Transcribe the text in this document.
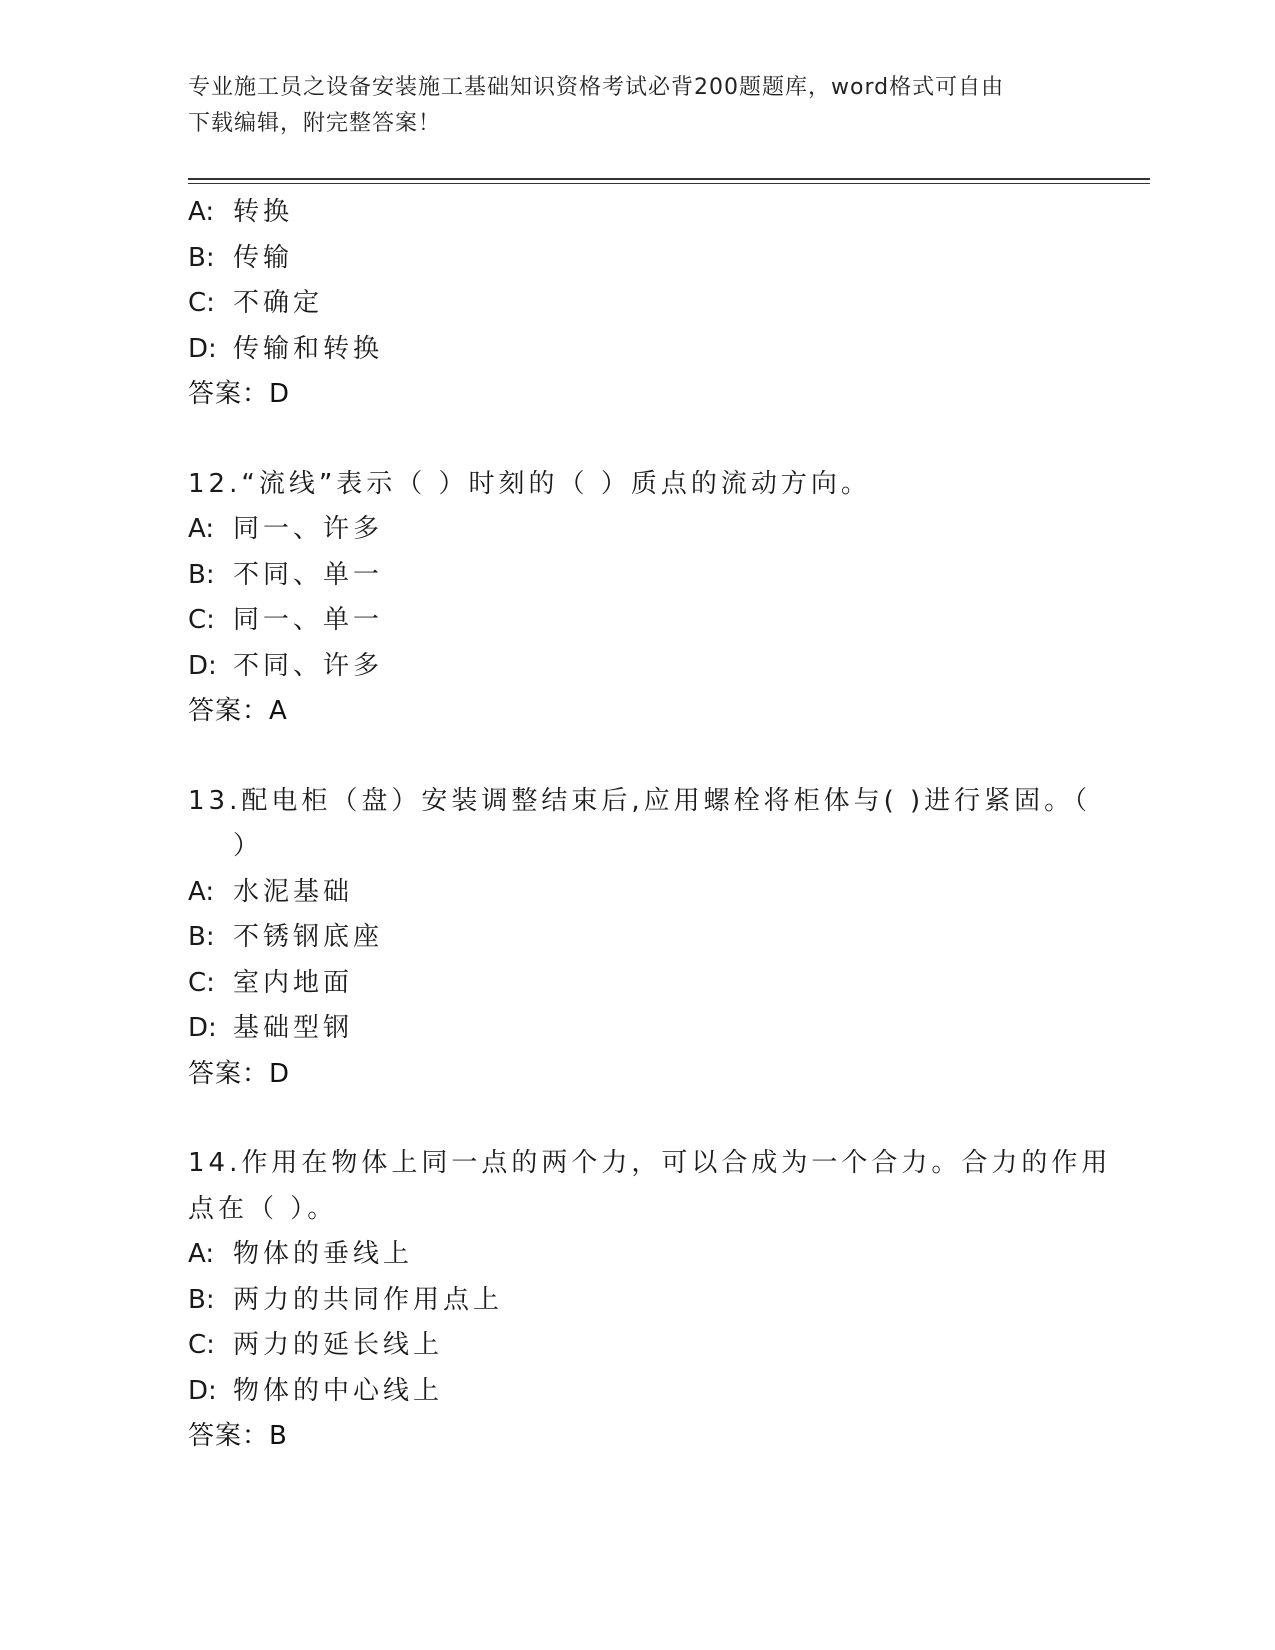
专业施工员之设备安装施工基础知识资格考试必背200题题库，word格式可自由
下载编辑，附完整答案！
A: 转换
B: 传输
C: 不确定
D: 传输和转换
答案：D
12.“流线”表示（ ）时刻的（ ）质点的流动方向。
A: 同一、许多
B: 不同、单一
C: 同一、单一
D: 不同、许多
答案：A
13.配电柜（盘）安装调整结束后,应用螺栓将柜体与( )进行紧固。（
）
A: 水泥基础
B: 不锈钢底座
C: 室内地面
D: 基础型钢
答案：D
14.作用在物体上同一点的两个力，可以合成为一个合力。合力的作用
点在（ ）。
A: 物体的垂线上
B: 两力的共同作用点上
C: 两力的延长线上
D: 物体的中心线上
答案：B
